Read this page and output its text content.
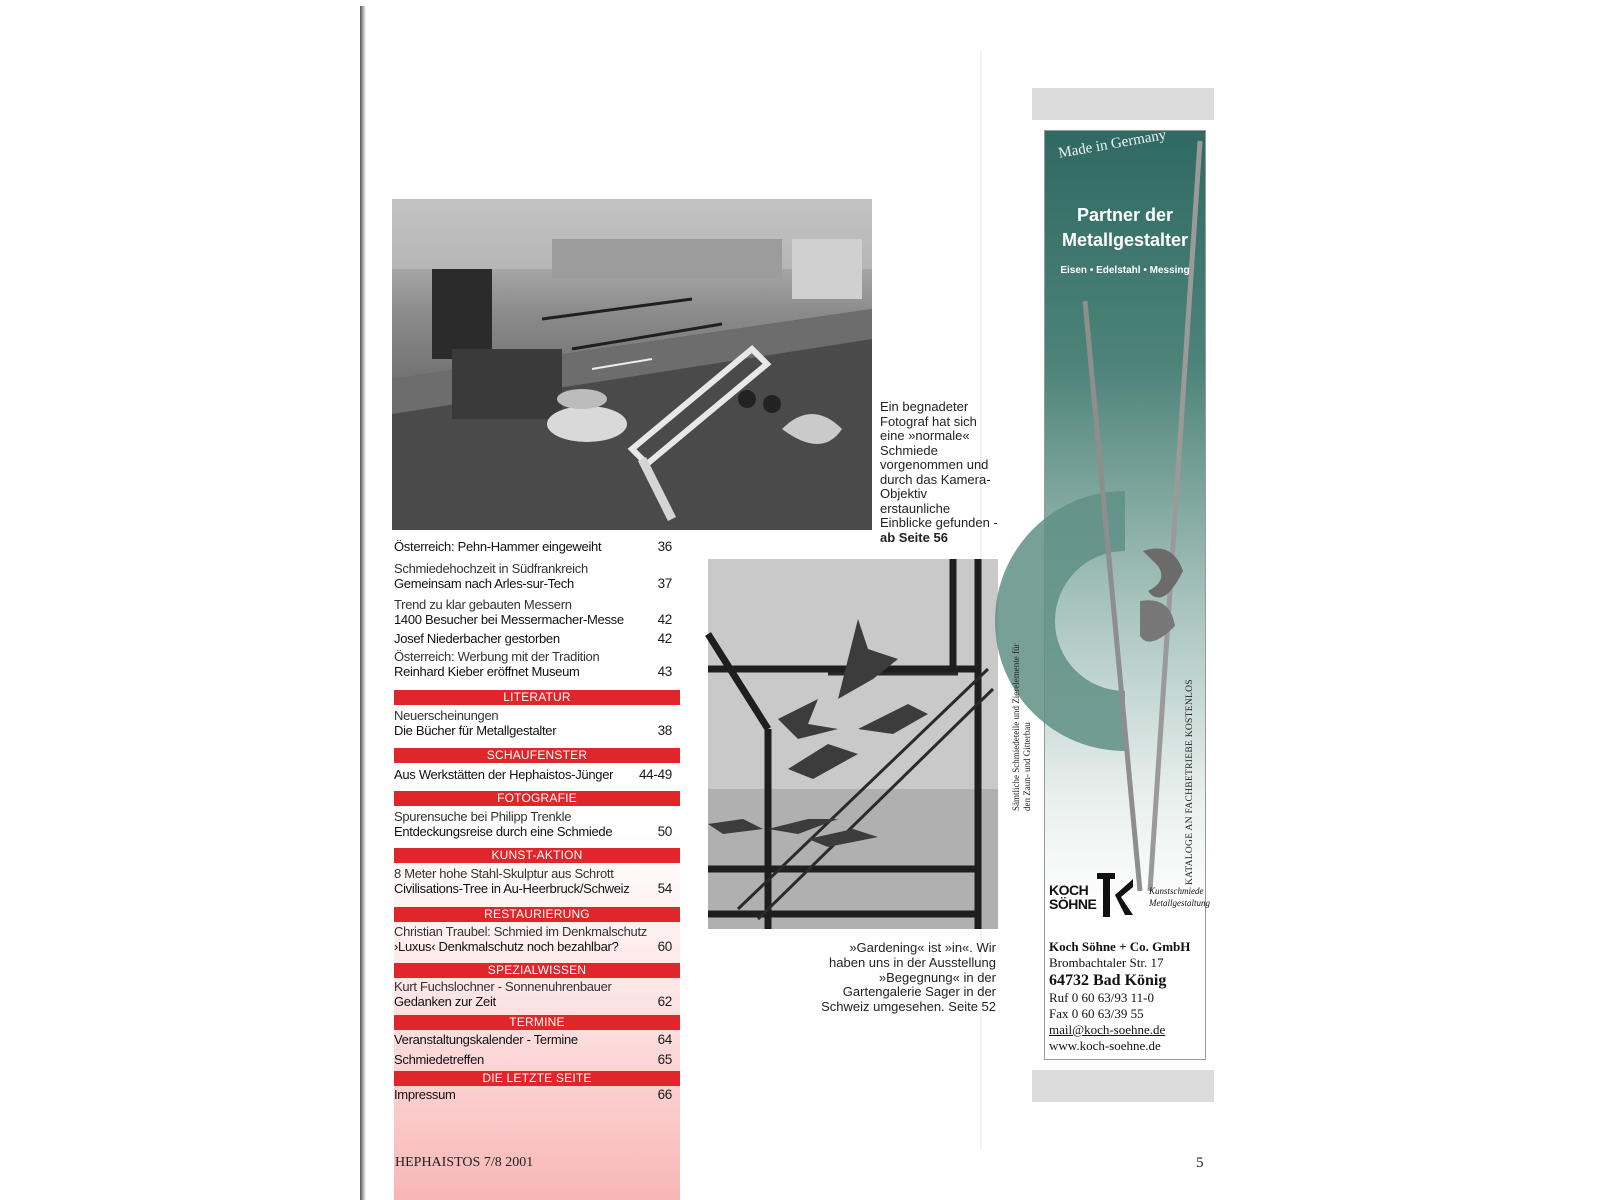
Ein begnadeter Fotograf hat sich eine »normale« Schmiede vorgenommen und durch das Kamera-Objektiv erstaunliche Einblicke gefunden - ab Seite 56
Österreich: Pehn-Hammer eingeweiht	36
Schmiedehochzeit in Südfrankreich
Gemeinsam nach Arles-sur-Tech	37
Trend zu klar gebauten Messern
1400 Besucher bei Messermacher-Messe	42
Josef Niederbacher gestorben	42
Österreich: Werbung mit der Tradition
Reinhard Kieber eröffnet Museum	43
LITERATUR
Neuerscheinungen
Die Bücher für Metallgestalter	38
SCHAUFENSTER
Aus Werkstätten der Hephaistos-Jünger	44-49
FOTOGRAFIE
Spurensuche bei Philipp Trenkle
Entdeckungsreise durch eine Schmiede	50
KUNST-AKTION
8 Meter hohe Stahl-Skulptur aus Schrott
Civilisations-Tree in Au-Heerbruck/Schweiz	54
RESTAURIERUNG
Christian Traubel: Schmied im Denkmalschutz
›Luxus‹ Denkmalschutz noch bezahlbar?	60
SPEZIALWISSEN
Kurt Fuchslochner - Sonnenuhrenbauer
Gedanken zur Zeit	62
TERMINE
Veranstaltungskalender - Termine	64
Schmiedetreffen	65
DIE LETZTE SEITE
Impressum	66
HEPHAISTOS 7/8 2001	5
»Gardening« ist »in«. Wir haben uns in der Ausstellung »Begegnung« in der Gartengalerie Sager in der Schweiz umgesehen. Seite 52
Made in Germany
Partner der
Metallgestalter
Eisen • Edelstahl • Messing
Sämtliche Schmiedeteile und Zierelemente für den Zaun- und Gitterbau	KATALOGE AN FACHBETRIEBE KOSTENLOS
KOCH
SÖHNE
Kunstschmiede
Metallgestaltung
Koch Söhne + Co. GmbH
Brombachtaler Str. 17
64732 Bad König
Ruf 0 60 63/93 11-0
Fax 0 60 63/39 55
mail@koch-soehne.de
www.koch-soehne.de
